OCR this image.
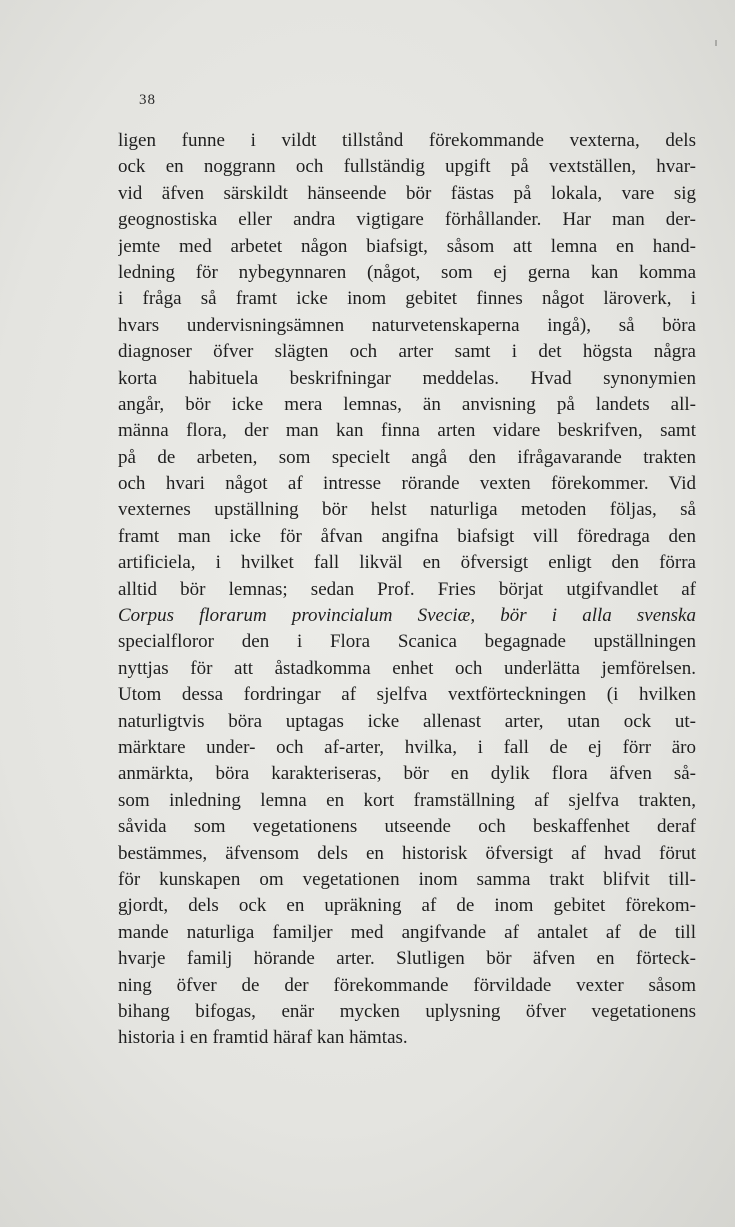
38
ligen funne i vildt tillstånd förekommande vexterna, dels
ock en noggrann och fullständig upgift på vextställen, hvar-
vid äfven särskildt hänseende bör fästas på lokala, vare sig
geognostiska eller andra vigtigare förhållander. Har man der-
jemte med arbetet någon biafsigt, såsom att lemna en hand-
ledning för nybegynnaren (något, som ej gerna kan komma
i fråga så framt icke inom gebitet finnes något läroverk, i
hvars undervisningsämnen naturvetenskaperna ingå), så böra
diagnoser öfver slägten och arter samt i det högsta några
korta habituela beskrifningar meddelas. Hvad synonymien
angår, bör icke mera lemnas, än anvisning på landets all-
männa flora, der man kan finna arten vidare beskrifven, samt
på de arbeten, som specielt angå den ifrågavarande trakten
och hvari något af intresse rörande vexten förekommer. Vid
vexternes upställning bör helst naturliga metoden följas, så
framt man icke för åfvan angifna biafsigt vill föredraga den
artificiela, i hvilket fall likväl en öfversigt enligt den förra
alltid bör lemnas; sedan Prof. Fries börjat utgifvandlet af
Corpus florarum provincialum Sveciæ, bör i alla svenska
specialfloror den i Flora Scanica begagnade upställningen
nyttjas för att åstadkomma enhet och underlätta jemförelsen.
Utom dessa fordringar af sjelfva vextförteckningen (i hvilken
naturligtvis böra uptagas icke allenast arter, utan ock ut-
märktare under- och af-arter, hvilka, i fall de ej förr äro
anmärkta, böra karakteriseras, bör en dylik flora äfven så-
som inledning lemna en kort framställning af sjelfva trakten,
såvida som vegetationens utseende och beskaffenhet deraf
bestämmes, äfvensom dels en historisk öfversigt af hvad förut
för kunskapen om vegetationen inom samma trakt blifvit till-
gjordt, dels ock en upräkning af de inom gebitet förekom-
mande naturliga familjer med angifvande af antalet af de till
hvarje familj hörande arter. Slutligen bör äfven en förteck-
ning öfver de der förekommande förvildade vexter såsom
bihang bifogas, enär mycken uplysning öfver vegetationens
historia i en framtid häraf kan hämtas.
